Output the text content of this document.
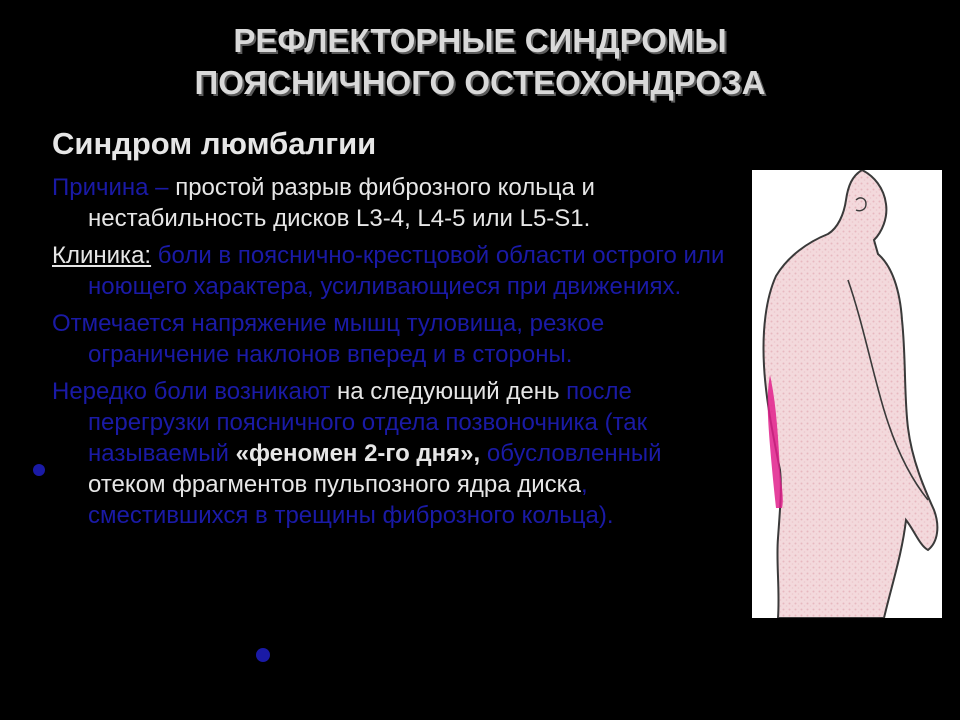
РЕФЛЕКТОРНЫЕ СИНДРОМЫ
ПОЯСНИЧНОГО ОСТЕОХОНДРОЗА
Синдром люмбалгии

Причина – простой разрыв фиброзного кольца и нестабильность дисков L3-4, L4-5 или L5-S1.

Клиника: боли в пояснично-крестцовой области острого или ноющего характера, усиливающиеся при движениях.

Отмечается напряжение мышц туловища, резкое ограничение наклонов вперед и в стороны.

Нередко боли возникают на следующий день после перегрузки поясничного отдела позвоночника (так называемый «феномен 2-го дня», обусловленный отеком фрагментов пульпозного ядра диска, сместившихся в трещины фиброзного кольца).
